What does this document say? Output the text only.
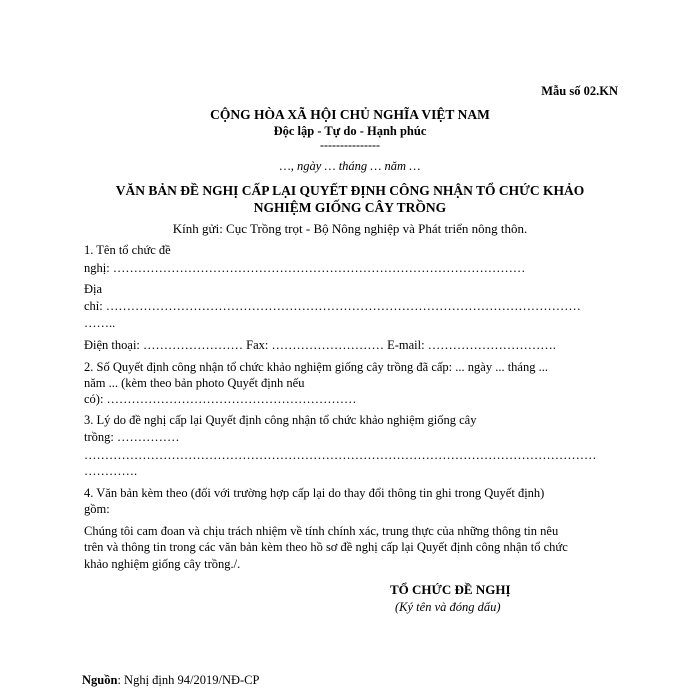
Mẫu số 02.KN
CỘNG HÒA XÃ HỘI CHỦ NGHĨA VIỆT NAM
Độc lập - Tự do - Hạnh phúc
---------------
…, ngày … tháng … năm …
VĂN BẢN ĐỀ NGHỊ CẤP LẠI QUYẾT ĐỊNH CÔNG NHẬN TỔ CHỨC KHẢO
NGHIỆM GIỐNG CÂY TRỒNG
Kính gửi: Cục Trồng trọt - Bộ Nông nghiệp và Phát triển nông thôn.
1. Tên tổ chức đề
nghị: ………………………………………………………………………………………
Địa
chỉ: ……………………………………………………………………………………………………
……..
Điện thoại: …………………… Fax: ……………………… E-mail: ………………………….
2. Số Quyết định công nhận tổ chức khảo nghiệm giống cây trồng đã cấp: ... ngày ... tháng ...
năm ... (kèm theo bản photo Quyết định nếu
có): ……………………………………………………
3. Lý do đề nghị cấp lại Quyết định công nhận tổ chức khảo nghiệm giống cây
trồng: ……………
……………………………………………………………………………………………………………
………….
4. Văn bản kèm theo (đối với trường hợp cấp lại do thay đổi thông tin ghi trong Quyết định)
gồm:
Chúng tôi cam đoan và chịu trách nhiệm về tính chính xác, trung thực của những thông tin nêu
trên và thông tin trong các văn bản kèm theo hồ sơ đề nghị cấp lại Quyết định công nhận tổ chức
khảo nghiệm giống cây trồng./.
TỔ CHỨC ĐỀ NGHỊ
(Ký tên và đóng dấu)
Nguồn: Nghị định 94/2019/NĐ-CP
